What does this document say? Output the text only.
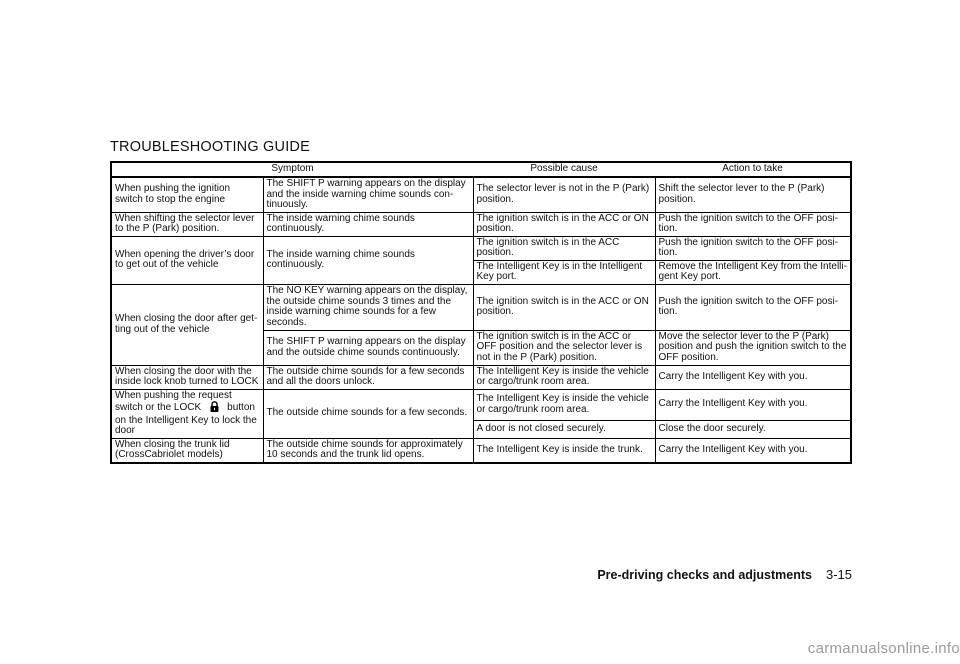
TROUBLESHOOTING GUIDE
Symptom		Possible cause	Action to take
When pushing the ignition switch to stop the engine	The SHIFT P warning appears on the display and the inside warning chime sounds con-tinuously.	The selector lever is not in the P (Park) position.	Shift the selector lever to the P (Park) position.
When shifting the selector lever to the P (Park) position.	The inside warning chime sounds continuously.	The ignition switch is in the ACC or ON position.	Push the ignition switch to the OFF posi-tion.
When opening the driver’s door to get out of the vehicle	The inside warning chime sounds continuously.	The ignition switch is in the ACC position.	Push the ignition switch to the OFF posi-tion.
		The Intelligent Key is in the Intelligent Key port.	Remove the Intelligent Key from the Intelli-gent Key port.
When closing the door after get-ting out of the vehicle	The NO KEY warning appears on the display, the outside chime sounds 3 times and the inside warning chime sounds for a few seconds.	The ignition switch is in the ACC or ON position.	Push the ignition switch to the OFF posi-tion.
	The SHIFT P warning appears on the display and the outside chime sounds continuously.	The ignition switch is in the ACC or OFF position and the selector lever is not in the P (Park) position.	Move the selector lever to the P (Park) position and push the ignition switch to the OFF position.
When closing the door with the inside lock knob turned to LOCK	The outside chime sounds for a few seconds and all the doors unlock.	The Intelligent Key is inside the vehicle or cargo/trunk room area.	Carry the Intelligent Key with you.
When pushing the request switch or the LOCK button on the Intelligent Key to lock the door	The outside chime sounds for a few seconds.	The Intelligent Key is inside the vehicle or cargo/trunk room area.	Carry the Intelligent Key with you.
		A door is not closed securely.	Close the door securely.
When closing the trunk lid (CrossCabriolet models)	The outside chime sounds for approximately 10 seconds and the trunk lid opens.	The Intelligent Key is inside the trunk.	Carry the Intelligent Key with you.
Pre-driving checks and adjustments 3-15
carmanualsonline.info
